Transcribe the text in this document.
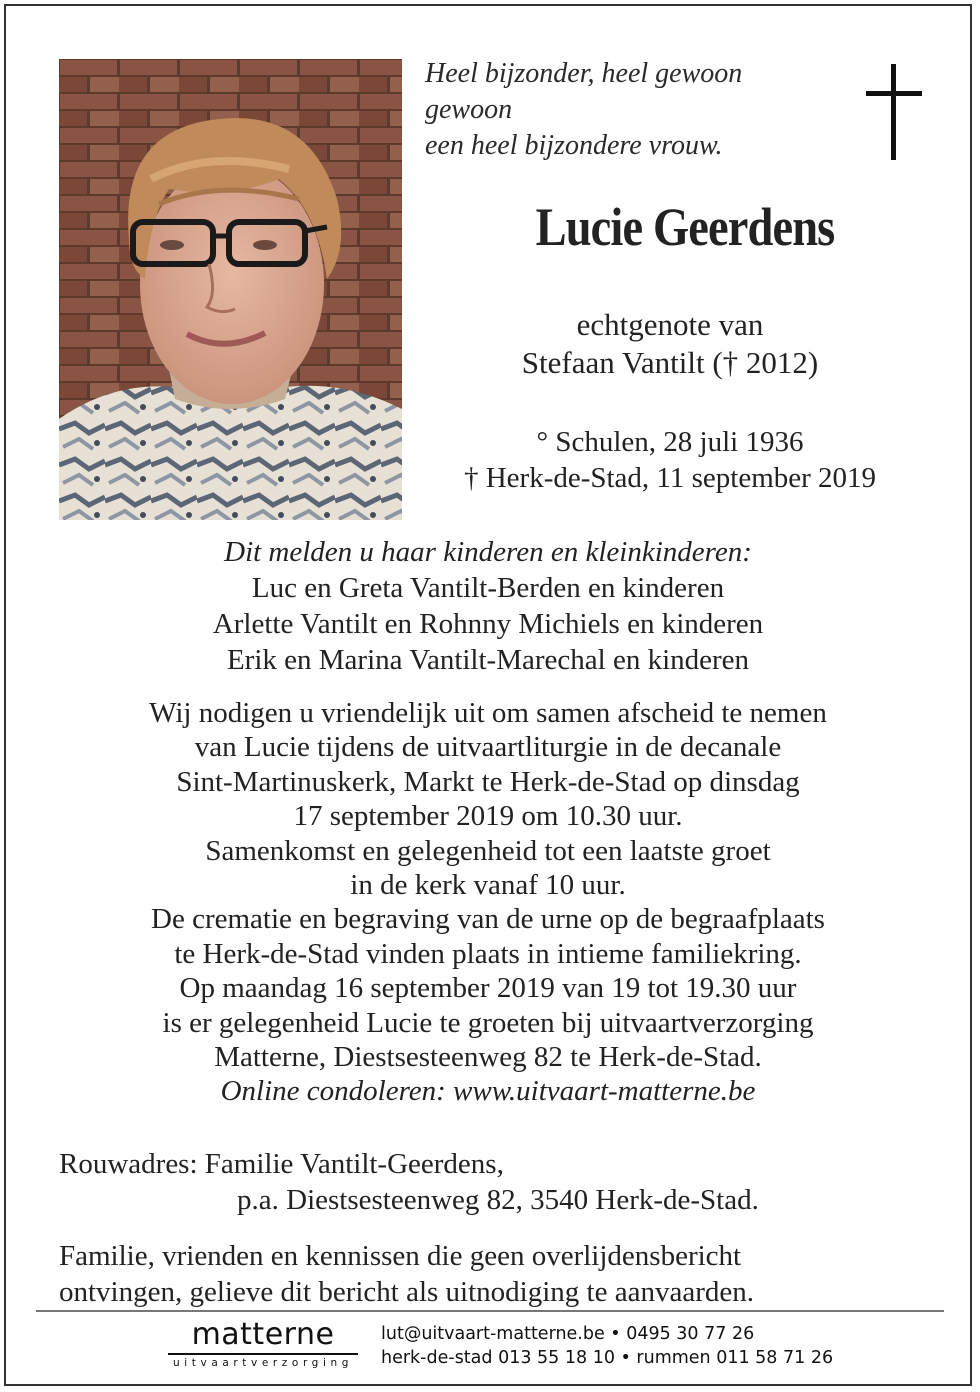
Heel bijzonder, heel gewoon
gewoon
een heel bijzondere vrouw.
Lucie Geerdens
echtgenote van
Stefaan Vantilt († 2012)
° Schulen, 28 juli 1936
† Herk-de-Stad, 11 september 2019
Dit melden u haar kinderen en kleinkinderen:
Luc en Greta Vantilt-Berden en kinderen
Arlette Vantilt en Rohnny Michiels en kinderen
Erik en Marina Vantilt-Marechal en kinderen
Wij nodigen u vriendelijk uit om samen afscheid te nemen
van Lucie tijdens de uitvaartliturgie in de decanale
Sint-Martinuskerk, Markt te Herk-de-Stad op dinsdag
17 september 2019 om 10.30 uur.
Samenkomst en gelegenheid tot een laatste groet
in de kerk vanaf 10 uur.
De crematie en begraving van de urne op de begraafplaats
te Herk-de-Stad vinden plaats in intieme familiekring.
Op maandag 16 september 2019 van 19 tot 19.30 uur
is er gelegenheid Lucie te groeten bij uitvaartverzorging
Matterne, Diestsesteenweg 82 te Herk-de-Stad.
Online condoleren: www.uitvaart-matterne.be
Rouwadres: Familie Vantilt-Geerdens,
p.a. Diestsesteenweg 82, 3540 Herk-de-Stad.
Familie, vrienden en kennissen die geen overlijdensbericht
ontvingen, gelieve dit bericht als uitnodiging te aanvaarden.
matterne
uitvaartverzorging
lut@uitvaart-matterne.be • 0495 30 77 26
herk-de-stad 013 55 18 10 • rummen 011 58 71 26
